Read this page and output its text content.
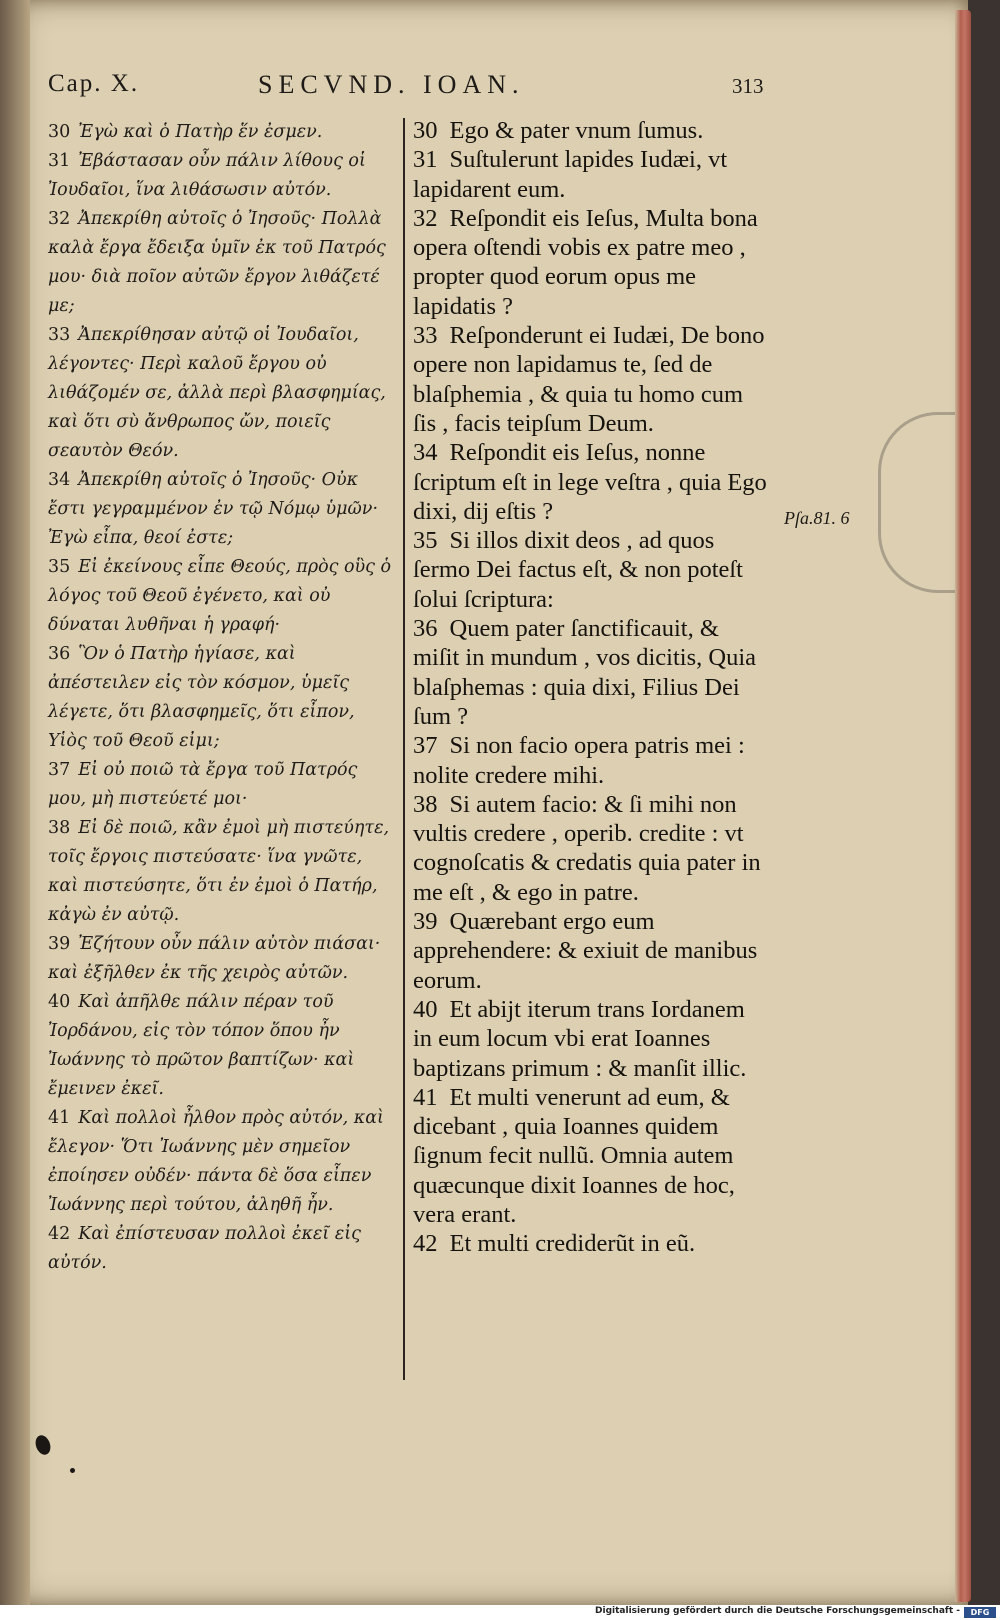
Cap. X.	SECVND. IOAN.	313

30 Ἐγὼ καὶ ὁ Πατὴρ ἕν ἐσμεν.

31 Ἐβάστασαν οὖν πάλιν λίθους οἱ Ἰουδαῖοι, ἵνα λιθάσωσιν αὐτόν.

32 Ἀπεκρίθη αὐτοῖς ὁ Ἰησοῦς· Πολλὰ καλὰ ἔργα ἔδειξα ὑμῖν ἐκ τοῦ Πατρός μου· διὰ ποῖον αὐτῶν ἔργον λιθάζετέ με;

33 Ἀπεκρίθησαν αὐτῷ οἱ Ἰουδαῖοι, λέγοντες· Περὶ καλοῦ ἔργου οὐ λιθάζομέν σε, ἀλλὰ περὶ βλασφημίας, καὶ ὅτι σὺ ἄνθρωπος ὤν, ποιεῖς σεαυτὸν Θεόν.

34 Ἀπεκρίθη αὐτοῖς ὁ Ἰησοῦς· Οὐκ ἔστι γεγραμμένον ἐν τῷ Νόμῳ ὑμῶν· Ἐγὼ εἶπα, θεοί ἐστε;

35 Εἰ ἐκείνους εἶπε Θεούς, πρὸς οὓς ὁ λόγος τοῦ Θεοῦ ἐγένετο, καὶ οὐ δύναται λυθῆναι ἡ γραφή·

36 Ὃν ὁ Πατὴρ ἡγίασε, καὶ ἀπέστειλεν εἰς τὸν κόσμον, ὑμεῖς λέγετε, ὅτι βλασφημεῖς, ὅτι εἶπον, Υἱὸς τοῦ Θεοῦ εἰμι;

37 Εἰ οὐ ποιῶ τὰ ἔργα τοῦ Πατρός μου, μὴ πιστεύετέ μοι·

38 Εἰ δὲ ποιῶ, κἂν ἐμοὶ μὴ πιστεύητε, τοῖς ἔργοις πιστεύσατε· ἵνα γνῶτε, καὶ πιστεύσητε, ὅτι ἐν ἐμοὶ ὁ Πατήρ, κἀγὼ ἐν αὐτῷ.

39 Ἐζήτουν οὖν πάλιν αὐτὸν πιάσαι· καὶ ἐξῆλθεν ἐκ τῆς χειρὸς αὐτῶν.

40 Καὶ ἀπῆλθε πάλιν πέραν τοῦ Ἰορδάνου, εἰς τὸν τόπον ὅπου ἦν Ἰωάννης τὸ πρῶτον βαπτίζων· καὶ ἔμεινεν ἐκεῖ.

41 Καὶ πολλοὶ ἦλθον πρὸς αὐτόν, καὶ ἔλεγον· Ὅτι Ἰωάννης μὲν σημεῖον ἐποίησεν οὐδέν· πάντα δὲ ὅσα εἶπεν Ἰωάννης περὶ τούτου, ἀληθῆ ἦν.

42 Καὶ ἐπίστευσαν πολλοὶ ἐκεῖ εἰς αὐτόν.

30 Ego & pater vnum ſumus.

31 Suſtulerunt lapides Iudæi, vt lapidarent eum.

32 Reſpondit eis Ieſus, Multa bona opera oſtendi vobis ex patre meo , propter quod eorum opus me lapidatis ?

33 Reſponderunt ei Iudæi, De bono opere non lapidamus te, ſed de blaſphemia , & quia tu homo cum ſis , facis teipſum Deum.

34 Reſpondit eis Ieſus, nonne ſcriptum eſt in lege veſtra , quia Ego dixi, dij eſtis ?

35 Si illos dixit deos , ad quos ſermo Dei factus eſt, & non poteſt ſolui ſcriptura:

36 Quem pater ſanctificauit, & miſit in mundum , vos dicitis, Quia blaſphemas : quia dixi, Filius Dei ſum ?

37 Si non facio opera patris mei : nolite credere mihi.

38 Si autem facio: & ſi mihi non vultis credere , operib. credite : vt cognoſcatis & credatis quia pater in me eſt , & ego in patre.

39 Quærebant ergo eum apprehendere: & exiuit de manibus eorum.

40 Et abijt iterum trans Iordanem in eum locum vbi erat Ioannes baptizans primum : & manſit illic.

41 Et multi venerunt ad eum, & dicebant , quia Ioannes quidem ſignum fecit nullũ. Omnia autem quæcunque dixit Ioannes de hoc, vera erant.

42 Et multi crediderũt in eũ.

Pſa.81. 6
Digitalisierung gefördert durch die Deutsche Forschungsgemeinschaft -	DFG
